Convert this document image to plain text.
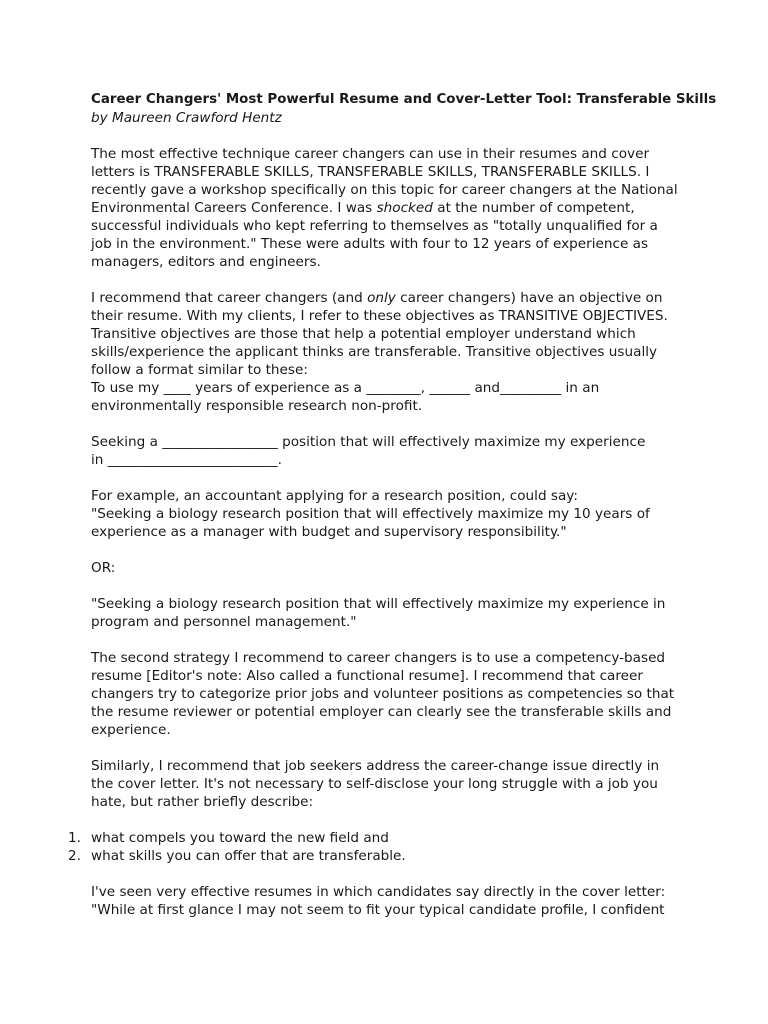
Career Changers' Most Powerful Resume and Cover-Letter Tool: Transferable Skills
by Maureen Crawford Hentz

The most effective technique career changers can use in their resumes and cover
letters is TRANSFERABLE SKILLS, TRANSFERABLE SKILLS, TRANSFERABLE SKILLS. I
recently gave a workshop specifically on this topic for career changers at the National
Environmental Careers Conference. I was shocked at the number of competent,
successful individuals who kept referring to themselves as "totally unqualified for a
job in the environment." These were adults with four to 12 years of experience as
managers, editors and engineers.

I recommend that career changers (and only career changers) have an objective on
their resume. With my clients, I refer to these objectives as TRANSITIVE OBJECTIVES.
Transitive objectives are those that help a potential employer understand which
skills/experience the applicant thinks are transferable. Transitive objectives usually
follow a format similar to these:
To use my ____ years of experience as a ________, ______ and_________ in an
environmentally responsible research non-profit.

Seeking a _________________ position that will effectively maximize my experience
in _________________________.

For example, an accountant applying for a research position, could say:
"Seeking a biology research position that will effectively maximize my 10 years of
experience as a manager with budget and supervisory responsibility."

OR:

"Seeking a biology research position that will effectively maximize my experience in
program and personnel management."

The second strategy I recommend to career changers is to use a competency-based
resume [Editor's note: Also called a functional resume]. I recommend that career
changers try to categorize prior jobs and volunteer positions as competencies so that
the resume reviewer or potential employer can clearly see the transferable skills and
experience.

Similarly, I recommend that job seekers address the career-change issue directly in
the cover letter. It's not necessary to self-disclose your long struggle with a job you
hate, but rather briefly describe:

1. what compels you toward the new field and
2. what skills you can offer that are transferable.

I've seen very effective resumes in which candidates say directly in the cover letter:
"While at first glance I may not seem to fit your typical candidate profile, I confident
